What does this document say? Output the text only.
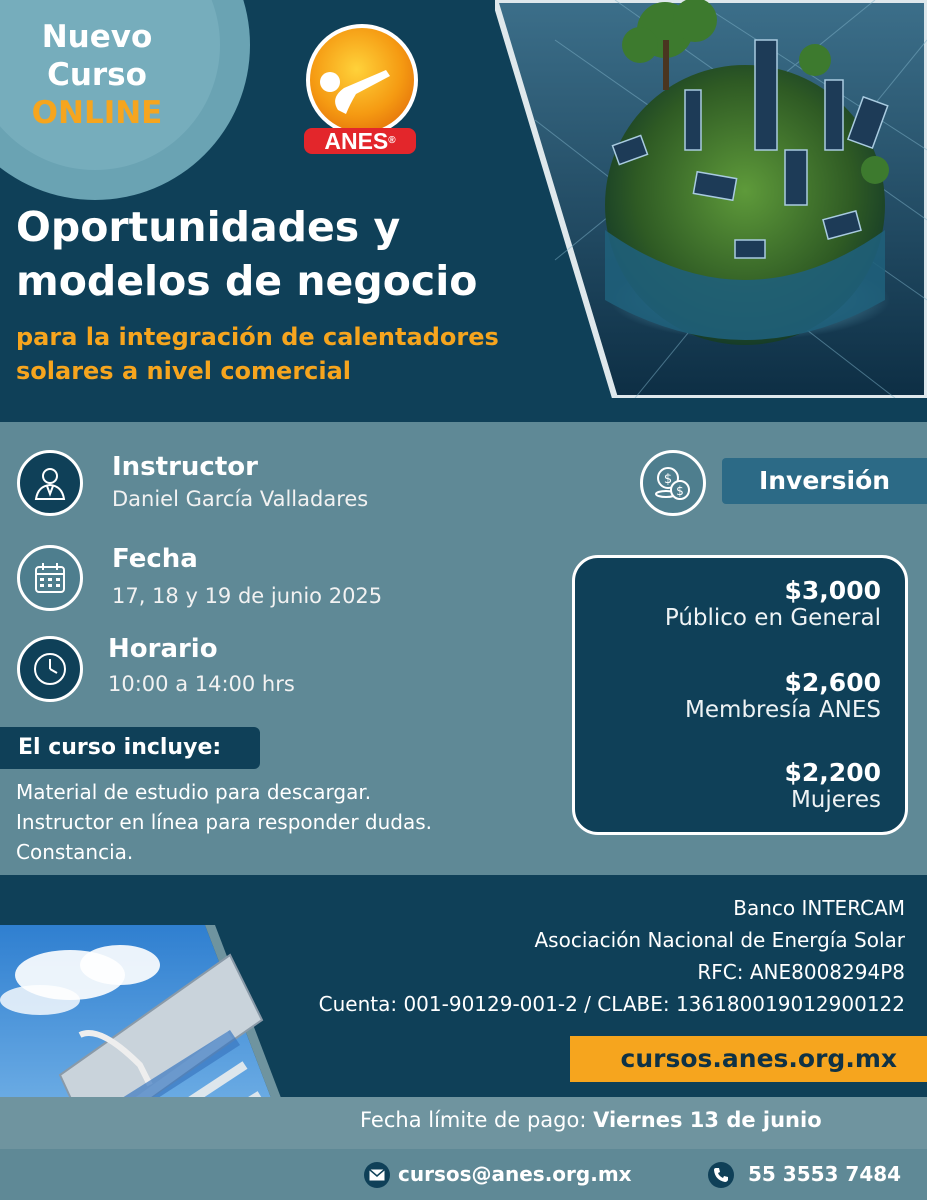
Nuevo
Curso
ONLINE
ANES®
Oportunidades y
modelos de negocio
para la integración de calentadores
solares a nivel comercial
Instructor
Daniel García Valladares
Fecha
17, 18 y 19 de junio 2025
Horario
10:00 a 14:00 hrs
$
$	Inversión
$3,000
Público en General
$2,600
Membresía ANES
$2,200
Mujeres
El curso incluye:
Material de estudio para descargar.
Instructor en línea para responder dudas.
Constancia.
Banco INTERCAM
Asociación Nacional de Energía Solar
RFC: ANE8008294P8
Cuenta: 001-90129-001-2 / CLABE: 136180019012900122
cursos.anes.org.mx
Fecha límite de pago: Viernes 13 de junio
cursos@anes.org.mx	55 3553 7484
